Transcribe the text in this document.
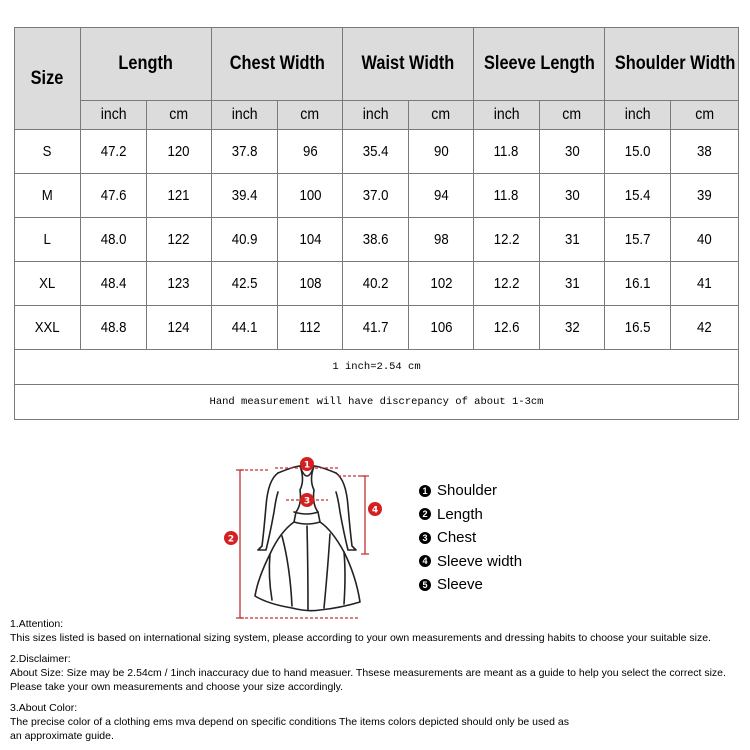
Size	Length		Chest Width		Waist Width		Sleeve Length		Shoulder Width	
	inch	cm	inch	cm	inch	cm	inch	cm	inch	cm
S	47.2	120	37.8	96	35.4	90	11.8	30	15.0	38
M	47.6	121	39.4	100	37.0	94	11.8	30	15.4	39
L	48.0	122	40.9	104	38.6	98	12.2	31	15.7	40
XL	48.4	123	42.5	108	40.2	102	12.2	31	16.1	41
XXL	48.8	124	44.1	112	41.7	106	12.6	32	16.5	42
1 inch=2.54 cm										
Hand measurement will have discrepancy of about 1-3cm										
1
3
2
4
1 Shoulder
2 Length
3 Chest
4 Sleeve width
5 Sleeve

1.Attention:

This sizes listed is based on international sizing system, please according to your own measurements and dressing habits to choose your suitable size.

2.Disclaimer:

About Size: Size may be 2.54cm / 1inch inaccuracy due to hand measuer. Thsese measurements are meant as a guide to help you select the correct size.

Please take your own measurements and choose your size accordingly.

3.About Color:

The precise color of a clothing ems mva depend on specific conditions The items colors depicted should only be used as

an approximate guide.
